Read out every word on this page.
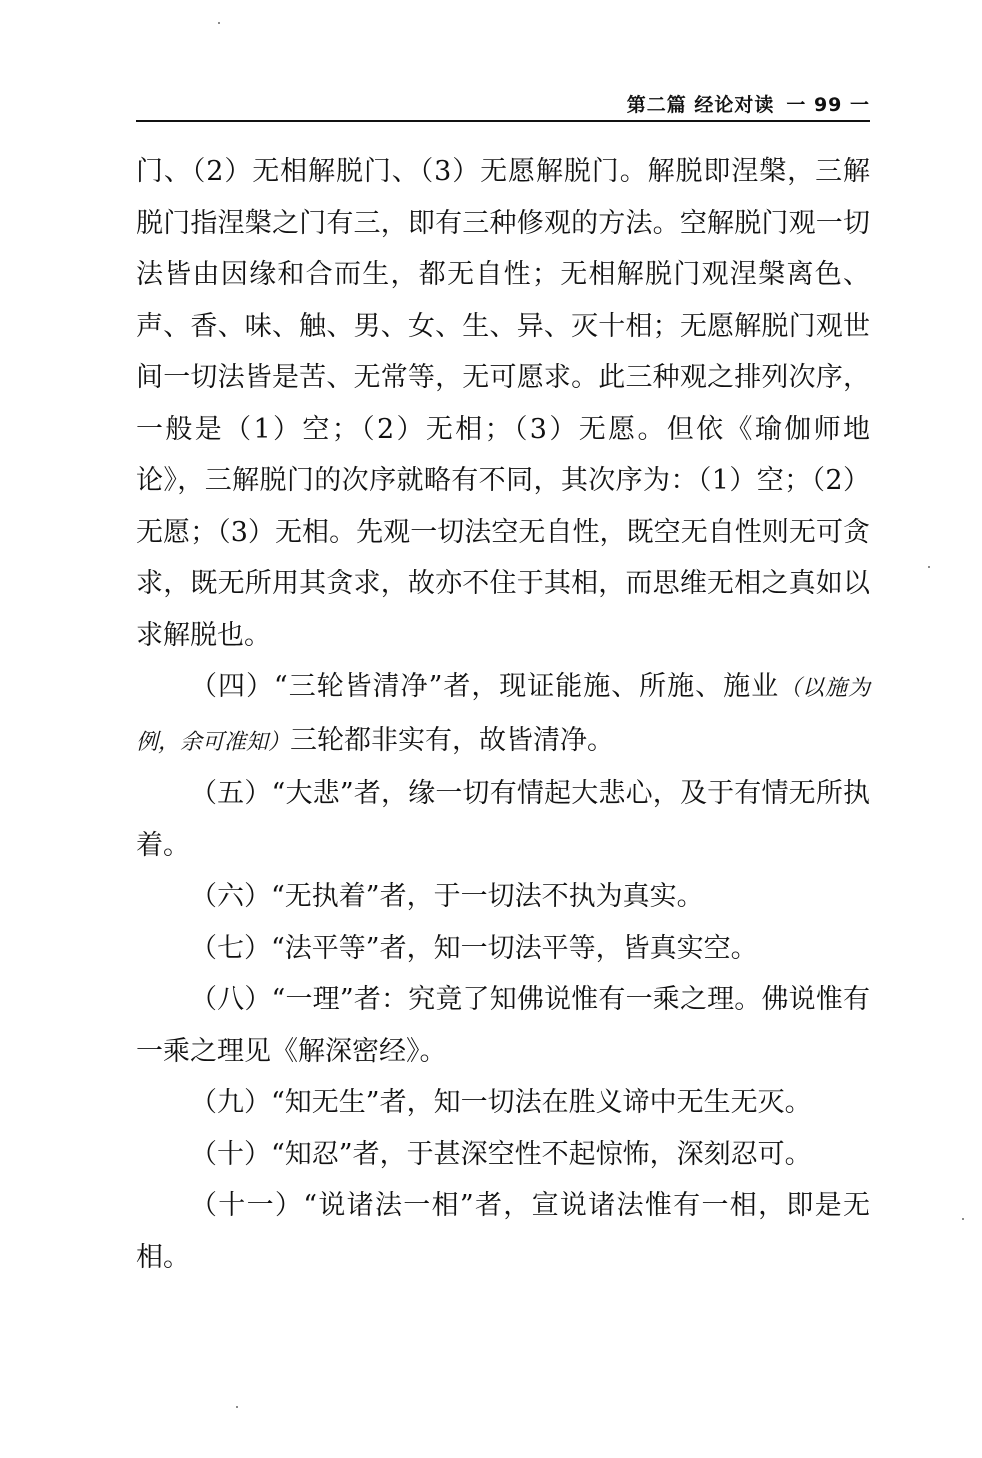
第二篇 经论对读 一 99 一

门、（2）无相解脱门、（3）无愿解脱门。解脱即涅槃，三解脱门指涅槃之门有三，即有三种修观的方法。空解脱门观一切法皆由因缘和合而生，都无自性；无相解脱门观涅槃离色、声、香、味、触、男、女、生、异、灭十相；无愿解脱门观世间一切法皆是苦、无常等，无可愿求。此三种观之排列次序，一般是（1）空；（2）无相；（3）无愿。但依《瑜伽师地论》，三解脱门的次序就略有不同，其次序为：（1）空；（2）无愿；（3）无相。先观一切法空无自性，既空无自性则无可贪求，既无所用其贪求，故亦不住于其相，而思维无相之真如以求解脱也。

（四）“三轮皆清净”者，现证能施、所施、施业（以施为例，余可准知）三轮都非实有，故皆清净。

（五）“大悲”者，缘一切有情起大悲心，及于有情无所执着。

（六）“无执着”者，于一切法不执为真实。

（七）“法平等”者，知一切法平等，皆真实空。

（八）“一理”者：究竟了知佛说惟有一乘之理。佛说惟有一乘之理见《解深密经》。

（九）“知无生”者，知一切法在胜义谛中无生无灭。

（十）“知忍”者，于甚深空性不起惊怖，深刻忍可。

（十一）“说诸法一相”者，宣说诸法惟有一相，即是无相。
